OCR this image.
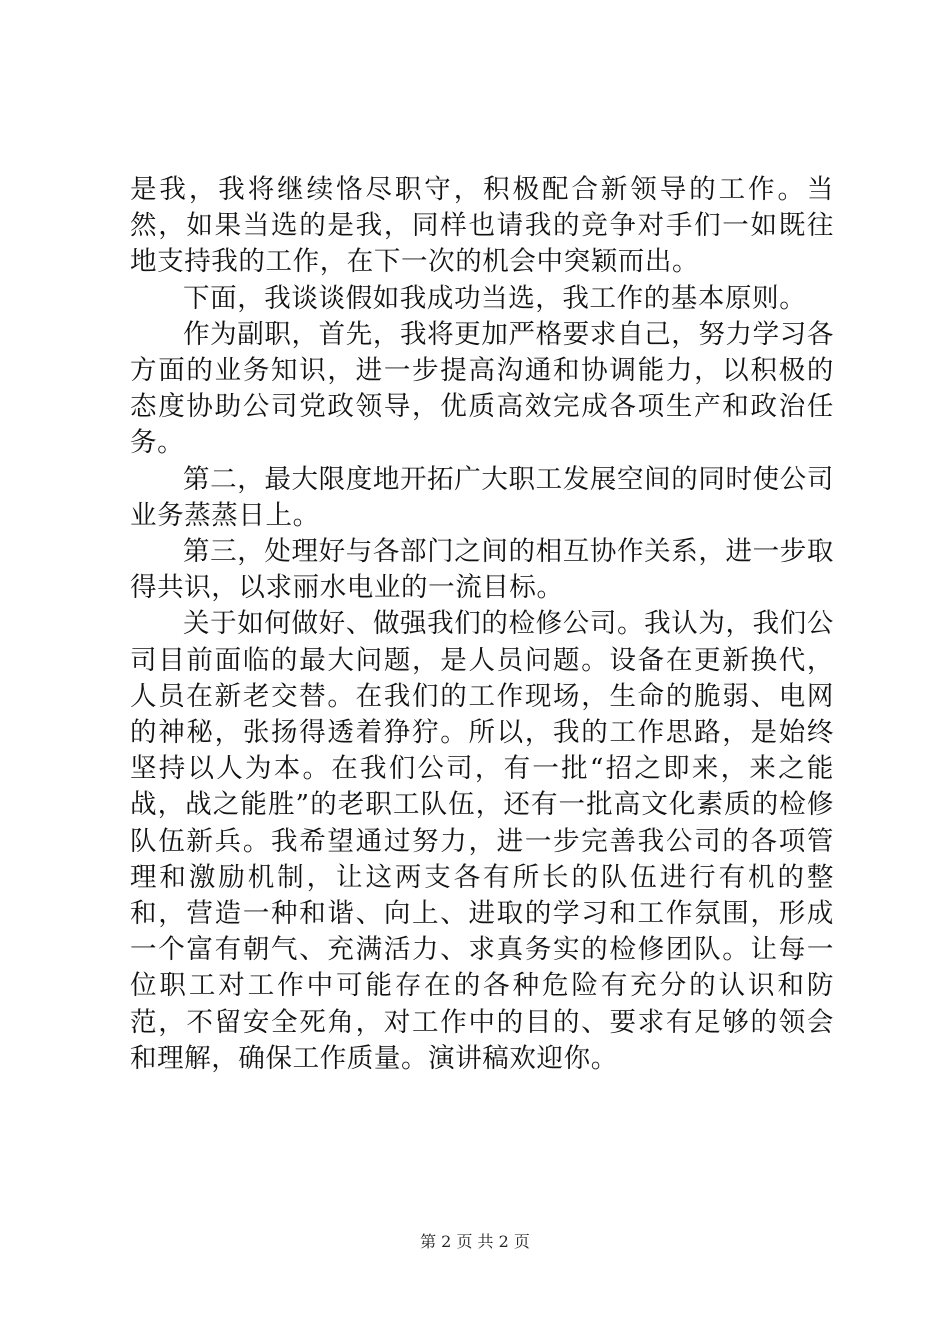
是我，我将继续恪尽职守，积极配合新领导的工作。当然，如果当选的是我，同样也请我的竞争对手们一如既往地支持我的工作，在下一次的机会中突颖而出。

下面，我谈谈假如我成功当选，我工作的基本原则。

作为副职，首先，我将更加严格要求自己，努力学习各方面的业务知识，进一步提高沟通和协调能力，以积极的态度协助公司党政领导，优质高效完成各项生产和政治任务。

第二，最大限度地开拓广大职工发展空间的同时使公司业务蒸蒸日上。

第三，处理好与各部门之间的相互协作关系，进一步取得共识，以求丽水电业的一流目标。

关于如何做好、做强我们的检修公司。我认为，我们公司目前面临的最大问题，是人员问题。设备在更新换代，人员在新老交替。在我们的工作现场，生命的脆弱、电网的神秘，张扬得透着狰狞。所以，我的工作思路，是始终坚持以人为本。在我们公司，有一批“招之即来，来之能战，战之能胜”的老职工队伍，还有一批高文化素质的检修队伍新兵。我希望通过努力，进一步完善我公司的各项管理和激励机制，让这两支各有所长的队伍进行有机的整和，营造一种和谐、向上、进取的学习和工作氛围，形成一个富有朝气、充满活力、求真务实的检修团队。让每一位职工对工作中可能存在的各种危险有充分的认识和防范，不留安全死角，对工作中的目的、要求有足够的领会和理解，确保工作质量。演讲稿欢迎你。

第 2 页 共 2 页
